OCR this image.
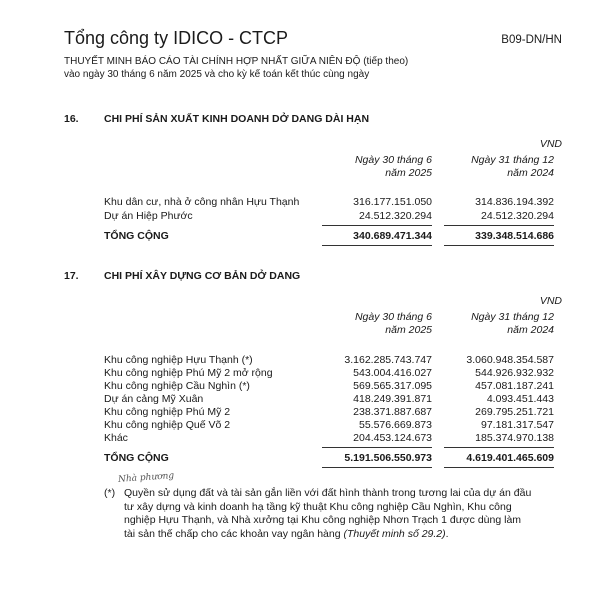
Tổng công ty IDICO - CTCP	B09-DN/HN
THUYẾT MINH BÁO CÁO TÀI CHÍNH HỢP NHẤT GIỮA NIÊN ĐỘ (tiếp theo)
vào ngày 30 tháng 6 năm 2025 và cho kỳ kế toán kết thúc cùng ngày
16. CHI PHÍ SẢN XUẤT KINH DOANH DỞ DANG DÀI HẠN
VND
Ngày 30 tháng 6
năm 2025
Ngày 31 tháng 12
năm 2024
Khu dân cư, nhà ở công nhân Hựu Thạnh	316.177.151.050	314.836.194.392
Dự án Hiệp Phước	24.512.320.294	24.512.320.294
TỔNG CỘNG	340.689.471.344	339.348.514.686
17. CHI PHÍ XÂY DỰNG CƠ BẢN DỞ DANG
VND
Ngày 30 tháng 6
năm 2025
Ngày 31 tháng 12
năm 2024
Khu công nghiệp Hựu Thạnh (*)	3.162.285.743.747	3.060.948.354.587
Khu công nghiệp Phú Mỹ 2 mở rộng	543.004.416.027	544.926.932.932
Khu công nghiệp Cầu Nghìn (*)	569.565.317.095	457.081.187.241
Dự án cảng Mỹ Xuân	418.249.391.871	4.093.451.443
Khu công nghiệp Phú Mỹ 2	238.371.887.687	269.795.251.721
Khu công nghiệp Quế Võ 2	55.576.669.873	97.181.317.547
Khác	204.453.124.673	185.374.970.138
TỔNG CỘNG	5.191.506.550.973	4.619.401.465.609
Nhà phương
(*) Quyền sử dụng đất và tài sản gắn liền với đất hình thành trong tương lai của dự án đầu
tư xây dựng và kinh doanh hạ tầng kỹ thuật Khu công nghiệp Cầu Nghìn, Khu công
nghiệp Hựu Thạnh, và Nhà xưởng tại Khu công nghiệp Nhơn Trạch 1 được dùng làm
tài sản thế chấp cho các khoản vay ngân hàng (Thuyết minh số 29.2).
